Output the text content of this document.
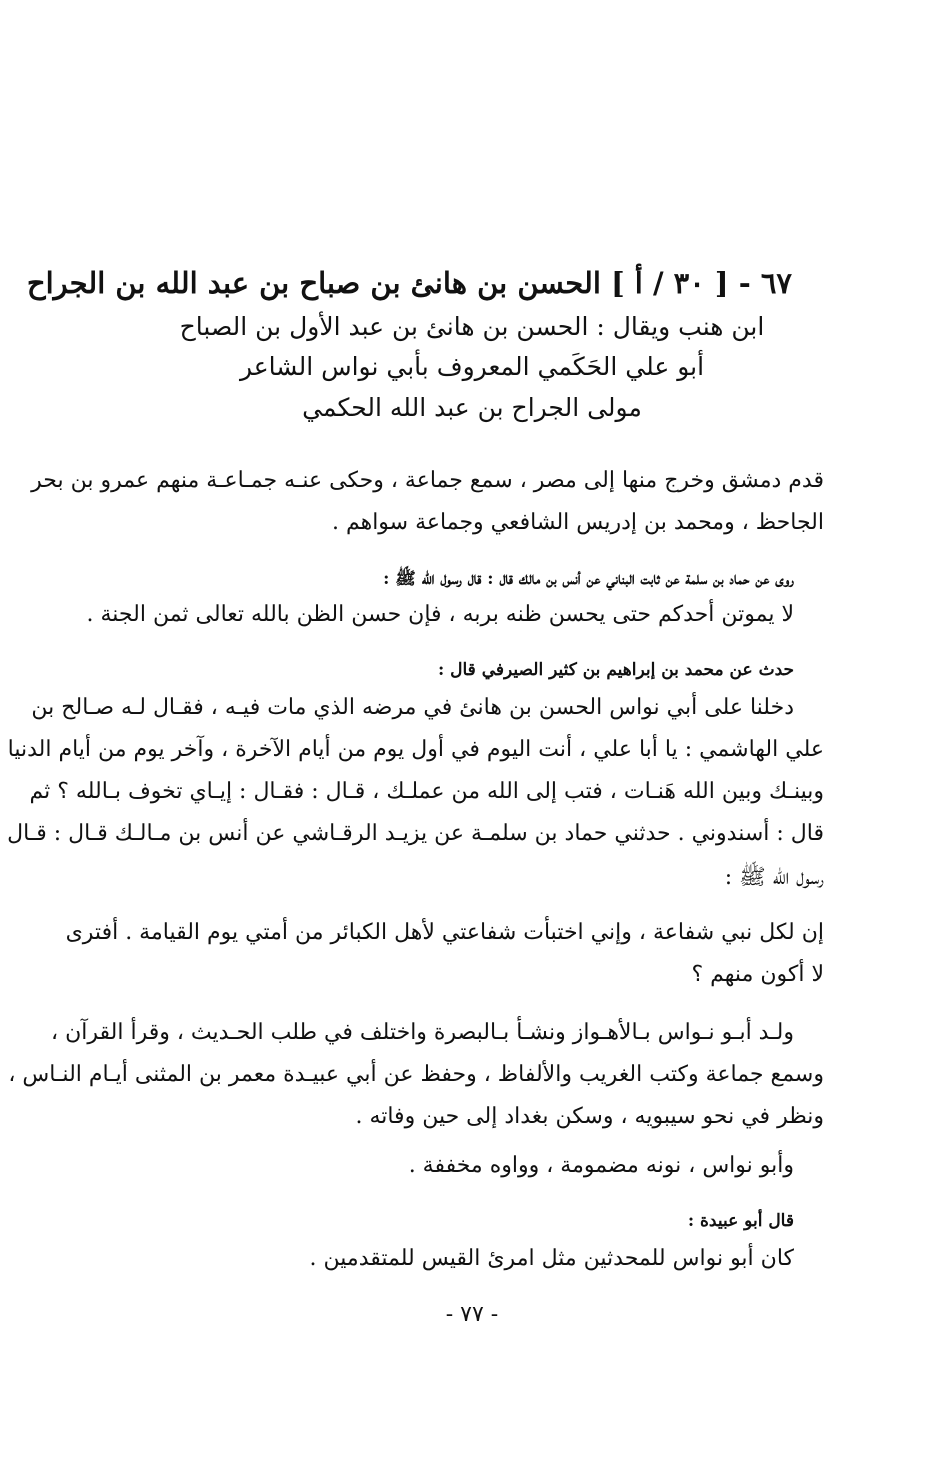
٦٧ - [ ٣٠ / أ ] الحسن بن هانئ بن صباح بن عبد الله بن الجراح
ابن هنب ويقال : الحسن بن هانئ بن عبد الأول بن الصباح
أبو علي الحَكَمي المعروف بأبي نواس الشاعر
مولى الجراح بن عبد الله الحكمي
قدم دمشق وخرج منها إلى مصر ، سمع جماعة ، وحكى عنـه جمـاعـة منهم عمرو بن بحر
الجاحظ ، ومحمد بن إدريس الشافعي وجماعة سواهم .
روى عن حماد بن سلمة عن ثابت البناني عن أنس بن مالك قال : قال رسول الله ﷺ :
لا يموتن أحدكم حتى يحسن ظنه بربه ، فإن حسن الظن بالله تعالى ثمن الجنة .
حدث عن محمد بن إبراهيم بن كثير الصيرفي قال :
دخلنا على أبي نواس الحسن بن هانئ في مرضه الذي مات فيـه ، فقـال لـه صـالح بن
علي الهاشمي : يا أبا علي ، أنت اليوم في أول يوم من أيام الآخرة ، وآخر يوم من أيام الدنيا
وبينـك وبين الله هَنـات ، فتب إلى الله من عملـك ، قـال : فقـال : إيـاي تخوف بـالله ؟ ثم
قال : أسندوني . حدثني حماد بن سلمـة عن يزيـد الرقـاشي عن أنس بن مـالـك قـال : قـال
رسول الله ﷺ :
إن لكل نبي شفاعة ، وإني اختبأت شفاعتي لأهل الكبائر من أمتي يوم القيامة . أفترى
لا أكون منهم ؟
ولـد أبـو نـواس بـالأهـواز ونشـأ بـالبصرة واختلف في طلب الحـديث ، وقرأ القرآن ،
وسمع جماعة وكتب الغريب والألفاظ ، وحفظ عن أبي عبيـدة معمر بن المثنى أيـام النـاس ،
ونظر في نحو سيبويه ، وسكن بغداد إلى حين وفاته .
وأبو نواس ، نونه مضمومة ، وواوه مخففة .
قال أبو عبيدة :
كان أبو نواس للمحدثين مثل امرئ القيس للمتقدمين .
- ٧٧ -
